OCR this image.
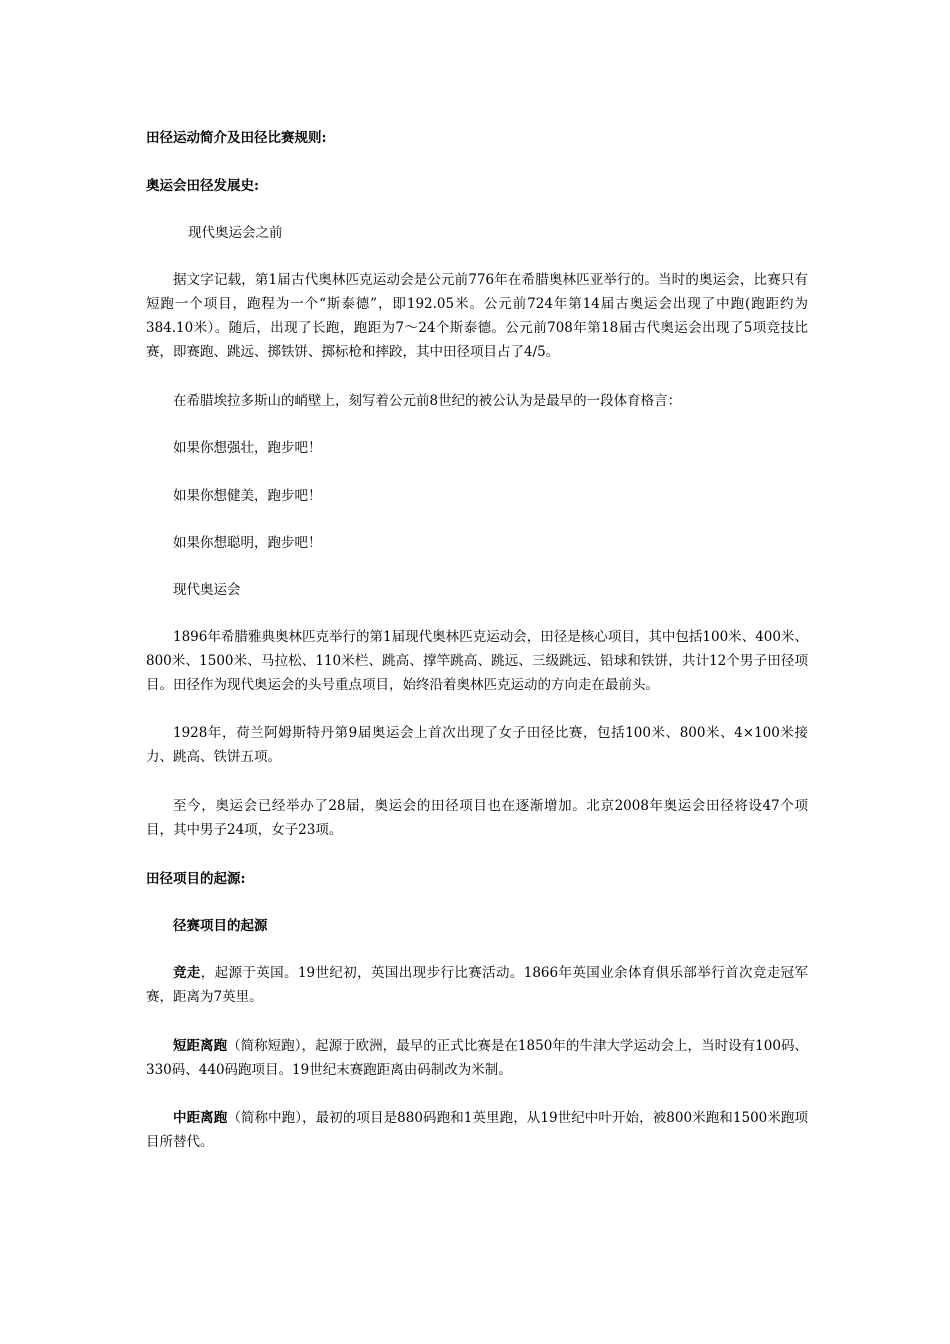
田径运动简介及田径比赛规则:

奥运会田径发展史:

现代奥运会之前

据文字记载，第1届古代奥林匹克运动会是公元前776年在希腊奥林匹亚举行的。当时的奥运会，比赛只有短跑一个项目，跑程为一个“斯泰德”，即192.05米。公元前724年第14届古奥运会出现了中跑(跑距约为384.10米）。随后，出现了长跑，跑距为7～24个斯泰德。公元前708年第18届古代奥运会出现了5项竞技比赛，即赛跑、跳远、掷铁饼、掷标枪和摔跤，其中田径项目占了4/5。

在希腊埃拉多斯山的峭壁上，刻写着公元前8世纪的被公认为是最早的一段体育格言：

如果你想强壮，跑步吧！

如果你想健美，跑步吧！

如果你想聪明，跑步吧！

现代奥运会

1896年希腊雅典奥林匹克举行的第1届现代奥林匹克运动会，田径是核心项目，其中包括100米、400米、800米、1500米、马拉松、110米栏、跳高、撑竿跳高、跳远、三级跳远、铅球和铁饼，共计12个男子田径项目。田径作为现代奥运会的头号重点项目，始终沿着奥林匹克运动的方向走在最前头。

1928年，荷兰阿姆斯特丹第9届奥运会上首次出现了女子田径比赛，包括100米、800米、4×100米接力、跳高、铁饼五项。

至今，奥运会已经举办了28届，奥运会的田径项目也在逐渐增加。北京2008年奥运会田径将设47个项目，其中男子24项，女子23项。

田径项目的起源:

径赛项目的起源

竞走，起源于英国。19世纪初，英国出现步行比赛活动。1866年英国业余体育俱乐部举行首次竞走冠军赛，距离为7英里。

短距离跑（简称短跑），起源于欧洲，最早的正式比赛是在1850年的牛津大学运动会上，当时设有100码、330码、440码跑项目。19世纪末赛跑距离由码制改为米制。

中距离跑（简称中跑），最初的项目是880码跑和1英里跑，从19世纪中叶开始，被800米跑和1500米跑项目所替代。
